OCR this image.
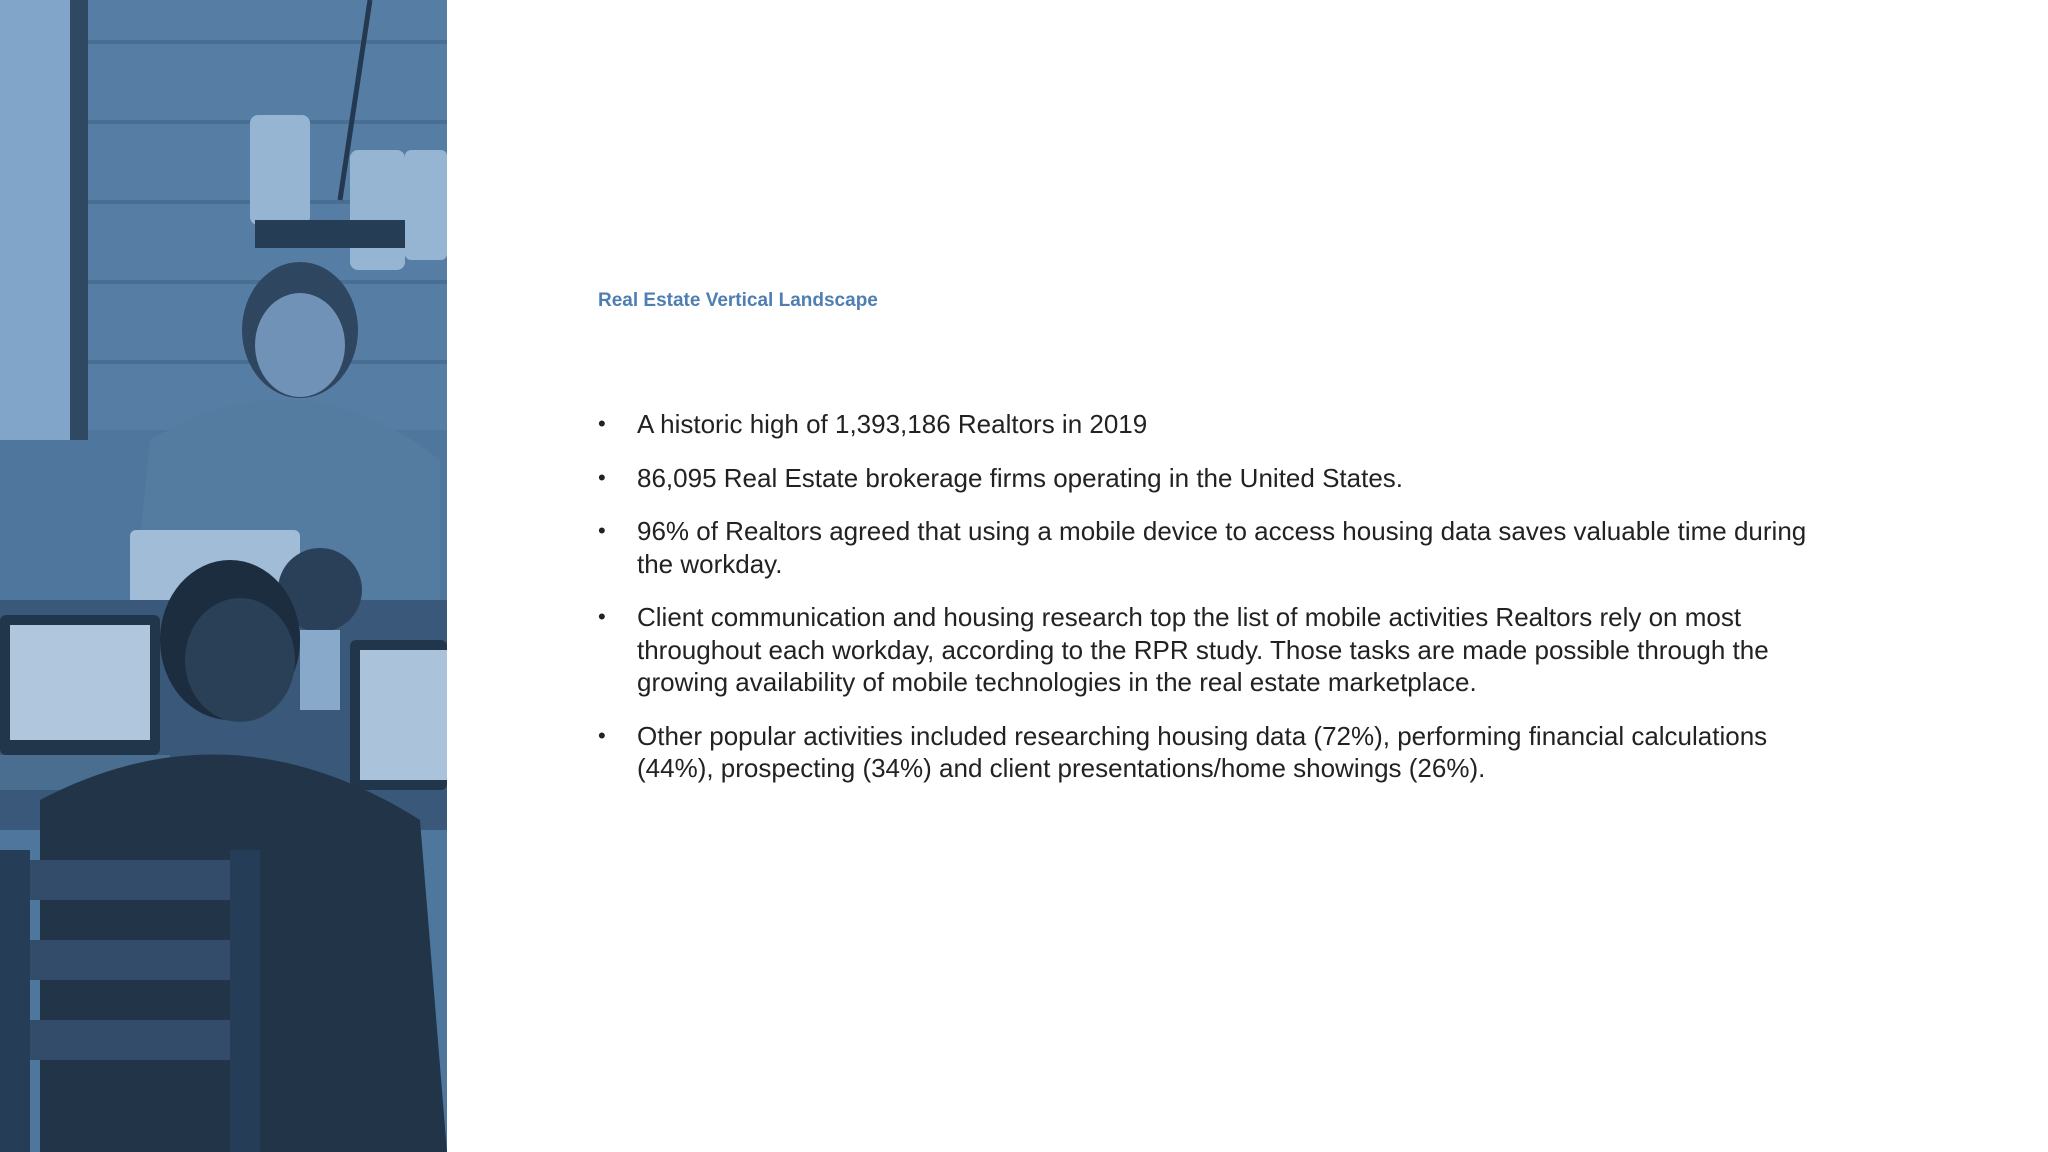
Real Estate Vertical Landscape
•	A historic high of 1,393,186 Realtors in 2019
•	86,095 Real Estate brokerage firms operating in the United States.
•	96% of Realtors agreed that using a mobile device to access housing data saves valuable time during the workday.
•	Client communication and housing research top the list of mobile activities Realtors rely on most throughout each workday, according to the RPR study. Those tasks are made possible through the growing availability of mobile technologies in the real estate marketplace.
•	Other popular activities included researching housing data (72%), performing financial calculations (44%), prospecting (34%) and client presentations/home showings (26%).
